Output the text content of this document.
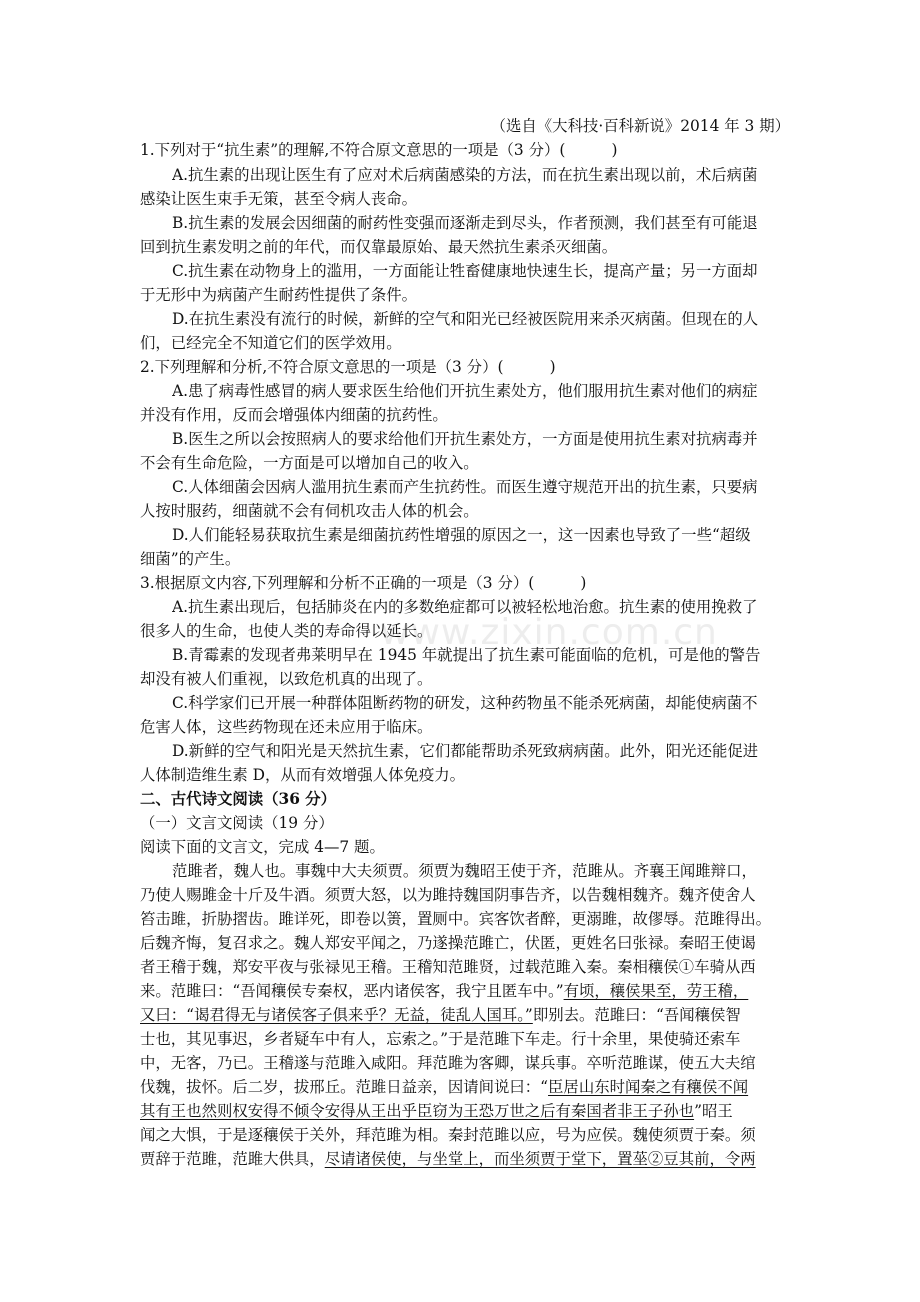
www.zixin.com.cn
（选自《大科技·百科新说》2014 年 3 期）
1.下列对于“抗生素”的理解,不符合原文意思的一项是（3 分）(　　　)
A.抗生素的出现让医生有了应对术后病菌感染的方法，而在抗生素出现以前，术后病菌
感染让医生束手无策，甚至令病人丧命。
B.抗生素的发展会因细菌的耐药性变强而逐渐走到尽头，作者预测，我们甚至有可能退
回到抗生素发明之前的年代，而仅靠最原始、最天然抗生素杀灭细菌。
C.抗生素在动物身上的滥用，一方面能让牲畜健康地快速生长，提高产量；另一方面却
于无形中为病菌产生耐药性提供了条件。
D.在抗生素没有流行的时候，新鲜的空气和阳光已经被医院用来杀灭病菌。但现在的人
们，已经完全不知道它们的医学效用。
2.下列理解和分析,不符合原文意思的一项是（3 分）(　　　)
A.患了病毒性感冒的病人要求医生给他们开抗生素处方，他们服用抗生素对他们的病症
并没有作用，反而会增强体内细菌的抗药性。
B.医生之所以会按照病人的要求给他们开抗生素处方，一方面是使用抗生素对抗病毒并
不会有生命危险，一方面是可以增加自己的收入。
C.人体细菌会因病人滥用抗生素而产生抗药性。而医生遵守规范开出的抗生素，只要病
人按时服药，细菌就不会有伺机攻击人体的机会。
D.人们能轻易获取抗生素是细菌抗药性增强的原因之一，这一因素也导致了一些“超级
细菌”的产生。
3.根据原文内容,下列理解和分析不正确的一项是（3 分）(　　　)
A.抗生素出现后，包括肺炎在内的多数绝症都可以被轻松地治愈。抗生素的使用挽救了
很多人的生命，也使人类的寿命得以延长。
B.青霉素的发现者弗莱明早在 1945 年就提出了抗生素可能面临的危机，可是他的警告
却没有被人们重视，以致危机真的出现了。
C.科学家们已开展一种群体阻断药物的研发，这种药物虽不能杀死病菌，却能使病菌不
危害人体，这些药物现在还未应用于临床。
D.新鲜的空气和阳光是天然抗生素，它们都能帮助杀死致病病菌。此外，阳光还能促进
人体制造维生素 D，从而有效增强人体免疫力。
二、古代诗文阅读（36 分）
（一）文言文阅读（19 分）
阅读下面的文言文，完成 4—7 题。
范雎者，魏人也。事魏中大夫须贾。须贾为魏昭王使于齐，范雎从。齐襄王闻雎辩口，
乃使人赐雎金十斤及牛酒。须贾大怒，以为雎持魏国阴事告齐，以告魏相魏齐。魏齐使舍人
笞击雎，折胁摺齿。雎详死，即卷以箦，置厕中。宾客饮者醉，更溺雎，故僇辱。范雎得出。
后魏齐悔，复召求之。魏人郑安平闻之，乃遂操范雎亡，伏匿，更姓名曰张禄。秦昭王使谒
者王稽于魏，郑安平夜与张禄见王稽。王稽知范雎贤，过载范雎入秦。秦相穰侯①车骑从西
来。范雎曰：“吾闻穰侯专秦权，恶内诸侯客，我宁且匿车中。”有顷，穰侯果至，劳王稽，
又曰：“谒君得无与诸侯客子俱来乎？无益，徒乱人国耳。”即别去。范雎曰：“吾闻穰侯智
士也，其见事迟，乡者疑车中有人，忘索之。”于是范雎下车走。行十余里，果使骑还索车
中，无客，乃已。王稽遂与范雎入咸阳。拜范雎为客卿，谋兵事。卒听范雎谋，使五大夫绾
伐魏，拔怀。后二岁，拔邢丘。范雎日益亲，因请间说曰：“臣居山东时闻秦之有穰侯不闻
其有王也然则权安得不倾令安得从王出乎臣窃为王恐万世之后有秦国者非王子孙也”昭王
闻之大惧，于是逐穰侯于关外，拜范雎为相。秦封范雎以应，号为应侯。魏使须贾于秦。须
贾辞于范雎，范雎大供具，尽请诸侯使，与坐堂上，而坐须贾于堂下，置莝②豆其前，令两
